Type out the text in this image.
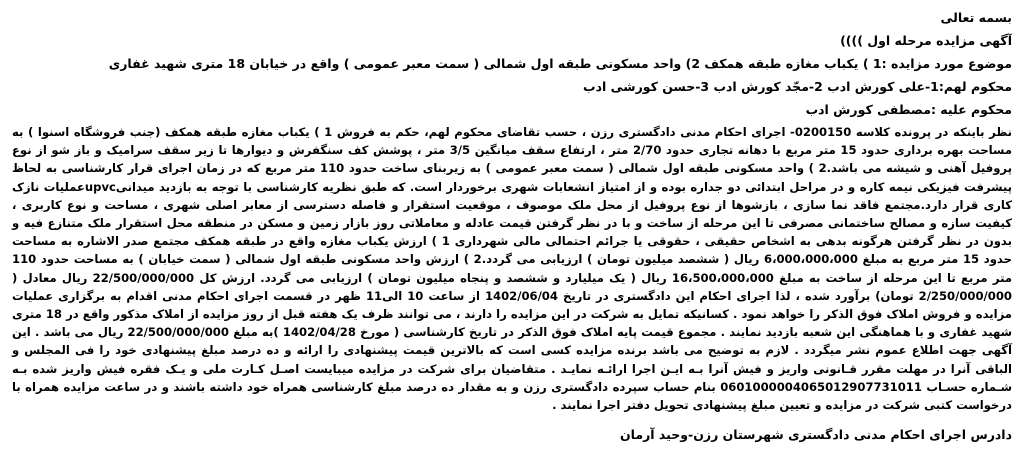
بسمه تعالی
آگهی مزایده مرحله اول ))))
موضوع مورد مزایده :1 ) یکباب مغازه طبقه همکف 2) واحد مسکونی طبقه اول شمالی ( سمت معبر عمومی ) واقع در خیابان 18 متری شهید غفاری
محکوم لهم:1-علی کورش ادب 2-مجّد کورش ادب 3-حسن کورشی ادب
محکوم علیه :مصطفی کورش ادب

نظر باینکه در پرونده کلاسه 0200150- اجرای احکام مدنی دادگستری رزن ، حسب تقاضای محکوم لهم، حکم به فروش 1 ) یکباب مغازه طبقه همکف (جنب فروشگاه اسنوا ) به مساحت بهره برداری حدود 15 متر مربع با دهانه تجاری حدود 2/70 متر ، ارتفاع سقف میانگین 3/5 متر ، پوشش کف سنگفرش و دیوارها تا زیر سقف سرامیک و باز شو از نوع پروفیل آهنی و شیشه می باشد.2 ) واحد مسکونی طبقه اول شمالی ( سمت معبر عمومی ) به زیربنای ساخت حدود 110 متر مربع که در زمان اجرای قرار کارشناسی به لحاظ پیشرفت فیزیکی نیمه کاره و در مراحل ابتدائی دو جداره بوده و از امتیاز انشعابات شهری برخوردار است. که طبق نظریه کارشناسی با توجه به بازدید میدانیupvcعملیات نازک کاری قرار دارد.مجتمع فاقد نما سازی ، بازشوها از نوع پروفیل از محل ملک موصوف ، موقعیت استقرار و فاصله دسترسی از معابر اصلی شهری ، مساحت و نوع کاربری ، کیفیت سازه و مصالح ساختمانی مصرفی تا این مرحله از ساخت و با در نظر گرفتن قیمت عادله و معاملاتی روز بازار زمین و مسکن در منطقه محل استقرار ملک متنازع فیه و بدون در نظر گرفتن هرگونه بدهی به اشخاص حقیقی ، حقوقی یا جرائم احتمالی مالی شهرداری 1 ) ارزش یکباب مغازه واقع در طبقه همکف مجتمع صدر الاشاره به مساحت حدود 15 متر مربع به مبلغ 6،000،000،000 ریال ( ششصد میلیون تومان ) ارزیابی می گردد.2 ) ارزش واحد مسکونی طبقه اول شمالی ( سمت خیابان ) به مساحت حدود 110 متر مربع تا این مرحله از ساخت به مبلغ 16،500،000،000 ریال ( یک میلیارد و ششصد و پنجاه میلیون تومان ) ارزیابی می گردد. ارزش کل 22/500/000/000 ریال معادل ( 2/250/000/000 تومان) برآورد شده ، لذا اجرای احکام این دادگستری در تاریخ 1402/06/04 از ساعت 10 الی11 ظهر در قسمت اجرای احکام مدنی اقدام به برگزاری عملیات مزایده و فروش املاک فوق الذکر را خواهد نمود . کسانیکه تمایل به شرکت در این مزایده را دارند ، می توانند ظرف یک هفته قبل از روز مزایده از املاک مذکور واقع در 18 متری شهید غفاری و با هماهنگی این شعبه بازدید نمایند . مجموع قیمت پایه املاک فوق الذکر در تاریخ کارشناسی ( مورخ 1402/04/28 )به مبلغ 22/500/000/000 ریال می باشد . این آگهی جهت اطلاع عموم نشر میگردد . لازم به توضیح می باشد برنده مزایده کسی است که بالاترین قیمت پیشنهادی را ارائه و ده درصد مبلغ پیشنهادی خود را فی المجلس و الباقی آنرا در مهلت مقرر قـانونی واریز و فیش آنرا بـه ایـن اجرا ارائـه نمایـد . متقاضیان برای شرکت در مزایده میبایست اصـل کـارت ملی و یـک فقره فیش واریز شده بـه شـماره حسـاب 0601000004065012907731011 بنام حساب سپرده دادگستری رزن و به مقدار ده درصد مبلغ کارشناسی همراه خود داشته باشند و در ساعت مزایده همراه با درخواست کتبی شرکت در مزایده و تعیین مبلغ پیشنهادی تحویل دفتر اجرا نمایند .

دادرس اجرای احکام مدنی دادگستری شهرستان رزن-وحید آرمان
